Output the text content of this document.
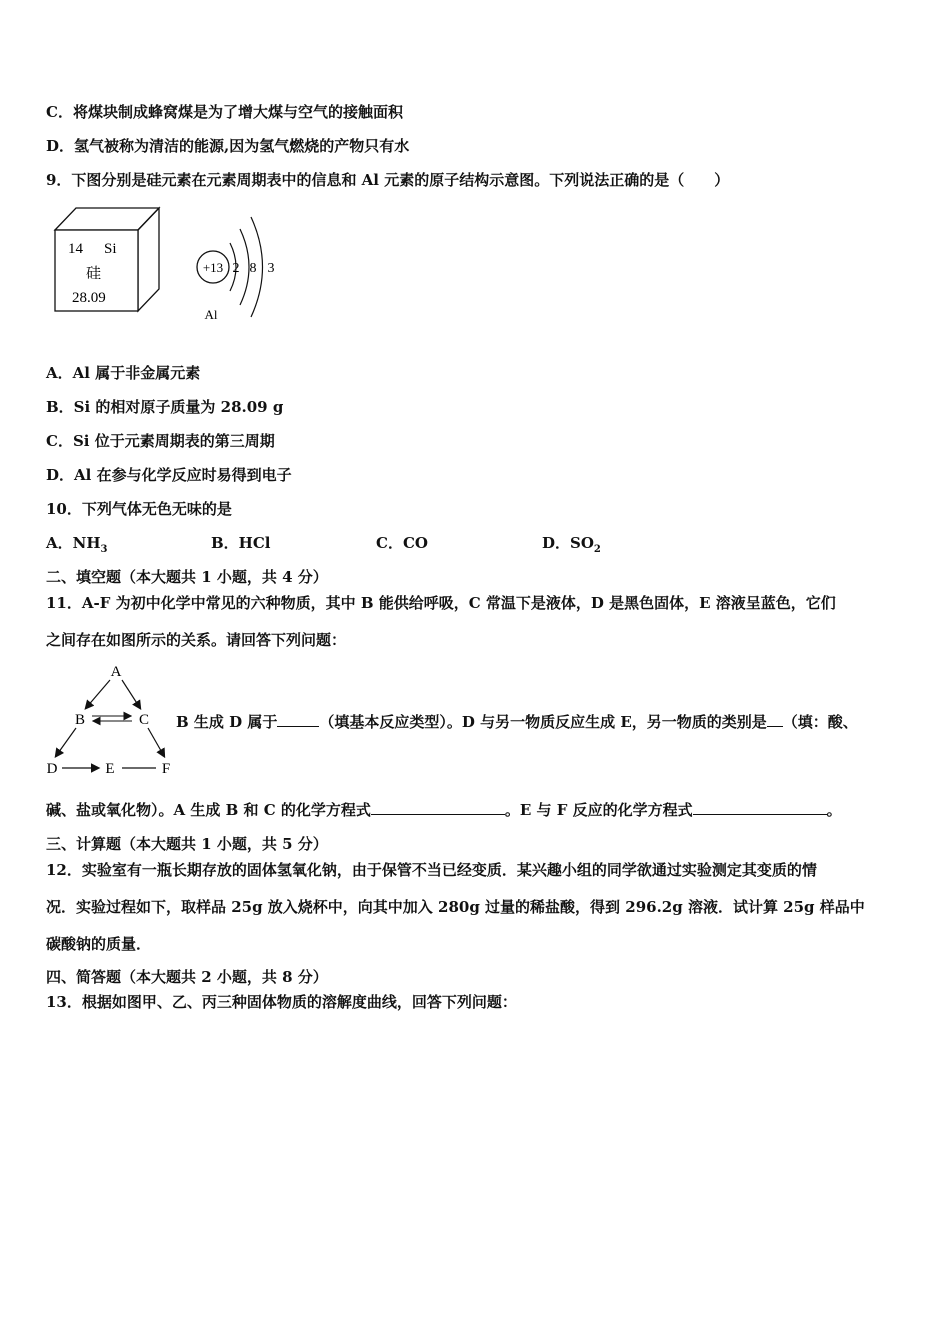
C．将煤块制成蜂窝煤是为了增大煤与空气的接触面积
D．氢气被称为清洁的能源,因为氢气燃烧的产物只有水
9．下图分别是硅元素在元素周期表中的信息和 Al 元素的原子结构示意图。下列说法正确的是（　　）
14 Si
硅
28.09
+13 2 8 3
Al
A．Al 属于非金属元素
B．Si 的相对原子质量为 28.09 g
C．Si 位于元素周期表的第三周期
D．Al 在参与化学反应时易得到电子
10．下列气体无色无味的是
A．$NH_3$	B．HCl	C．CO	D．$SO_2$
二、填空题（本大题共 1 小题，共 4 分）
11．A-F 为初中化学中常见的六种物质，其中 B 能供给呼吸，C 常温下是液体，D 是黑色固体，E 溶液呈蓝色，它们
之间存在如图所示的关系。请回答下列问题：
A
B	C
D	E	F
B 生成 D 属于	（填基本反应类型）。D 与另一物质反应生成 E，另一物质的类别是 （填：酸、
碱、盐或氧化物）。A 生成 B 和 C 的化学方程式	。E 与 F 反应的化学方程式	。
三、计算题（本大题共 1 小题，共 5 分）
12．实验室有一瓶长期存放的固体氢氧化钠，由于保管不当已经变质．某兴趣小组的同学欲通过实验测定其变质的情
况．实验过程如下，取样品 25g 放入烧杯中，向其中加入 280g 过量的稀盐酸，得到 296.2g 溶液．试计算 25g 样品中
碳酸钠的质量．
四、简答题（本大题共 2 小题，共 8 分）
13．根据如图甲、乙、丙三种固体物质的溶解度曲线，回答下列问题：
